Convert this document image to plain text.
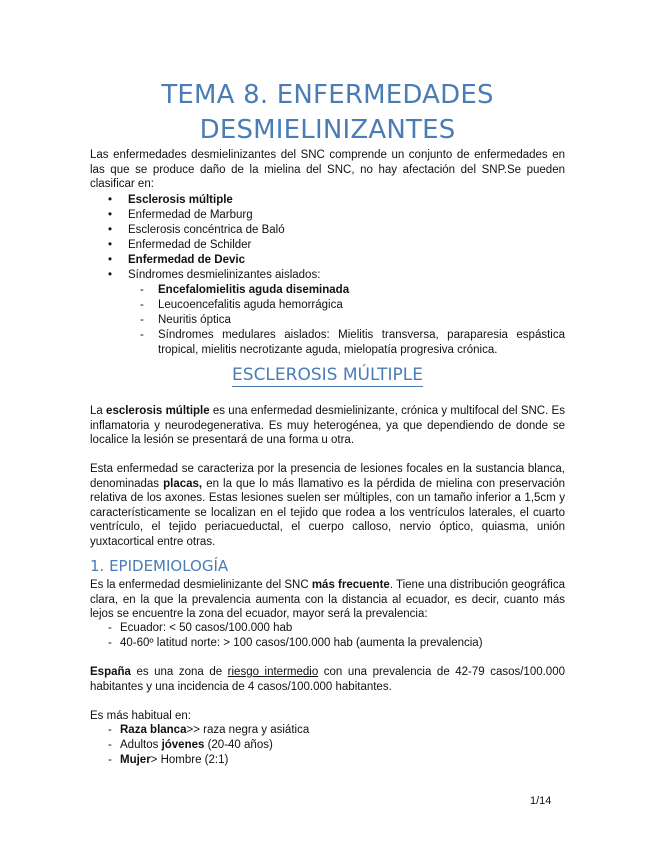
TEMA 8. ENFERMEDADES
DESMIELINIZANTES

Las enfermedades desmielinizantes del SNC comprende un conjunto de enfermedades en las que se produce daño de la mielina del SNC, no hay afectación del SNP.Se pueden clasificar en:

• Esclerosis múltiple
• Enfermedad de Marburg
• Esclerosis concéntrica de Baló
• Enfermedad de Schilder
• Enfermedad de Devic
• Síndromes desmielinizantes aislados:
- Encefalomielitis aguda diseminada
- Leucoencefalitis aguda hemorrágica
- Neuritis óptica
- Síndromes medulares aislados: Mielitis transversa, paraparesia espástica tropical, mielitis necrotizante aguda, mielopatía progresiva crónica.
ESCLEROSIS MÚLTIPLE

La esclerosis múltiple es una enfermedad desmielinizante, crónica y multifocal del SNC. Es inflamatoria y neurodegenerativa. Es muy heterogénea, ya que dependiendo de donde se localice la lesión se presentará de una forma u otra.

Esta enfermedad se caracteriza por la presencia de lesiones focales en la sustancia blanca, denominadas placas, en la que lo más llamativo es la pérdida de mielina con preservación relativa de los axones. Estas lesiones suelen ser múltiples, con un tamaño inferior a 1,5cm y característicamente se localizan en el tejido que rodea a los ventrículos laterales, el cuarto ventrículo, el tejido periacueductal, el cuerpo calloso, nervio óptico, quiasma, unión yuxtacortical entre otras.

1. EPIDEMIOLOGÍA

Es la enfermedad desmielinizante del SNC más frecuente. Tiene una distribución geográfica clara, en la que la prevalencia aumenta con la distancia al ecuador, es decir, cuanto más lejos se encuentre la zona del ecuador, mayor será la prevalencia:

- Ecuador: < 50 casos/100.000 hab
- 40-60º latitud norte: > 100 casos/100.000 hab (aumenta la prevalencia)

España es una zona de riesgo intermedio con una prevalencia de 42-79 casos/100.000 habitantes y una incidencia de 4 casos/100.000 habitantes.

Es más habitual en:

- Raza blanca>> raza negra y asiática
- Adultos jóvenes (20-40 años)
- Mujer> Hombre (2:1)
1/14
